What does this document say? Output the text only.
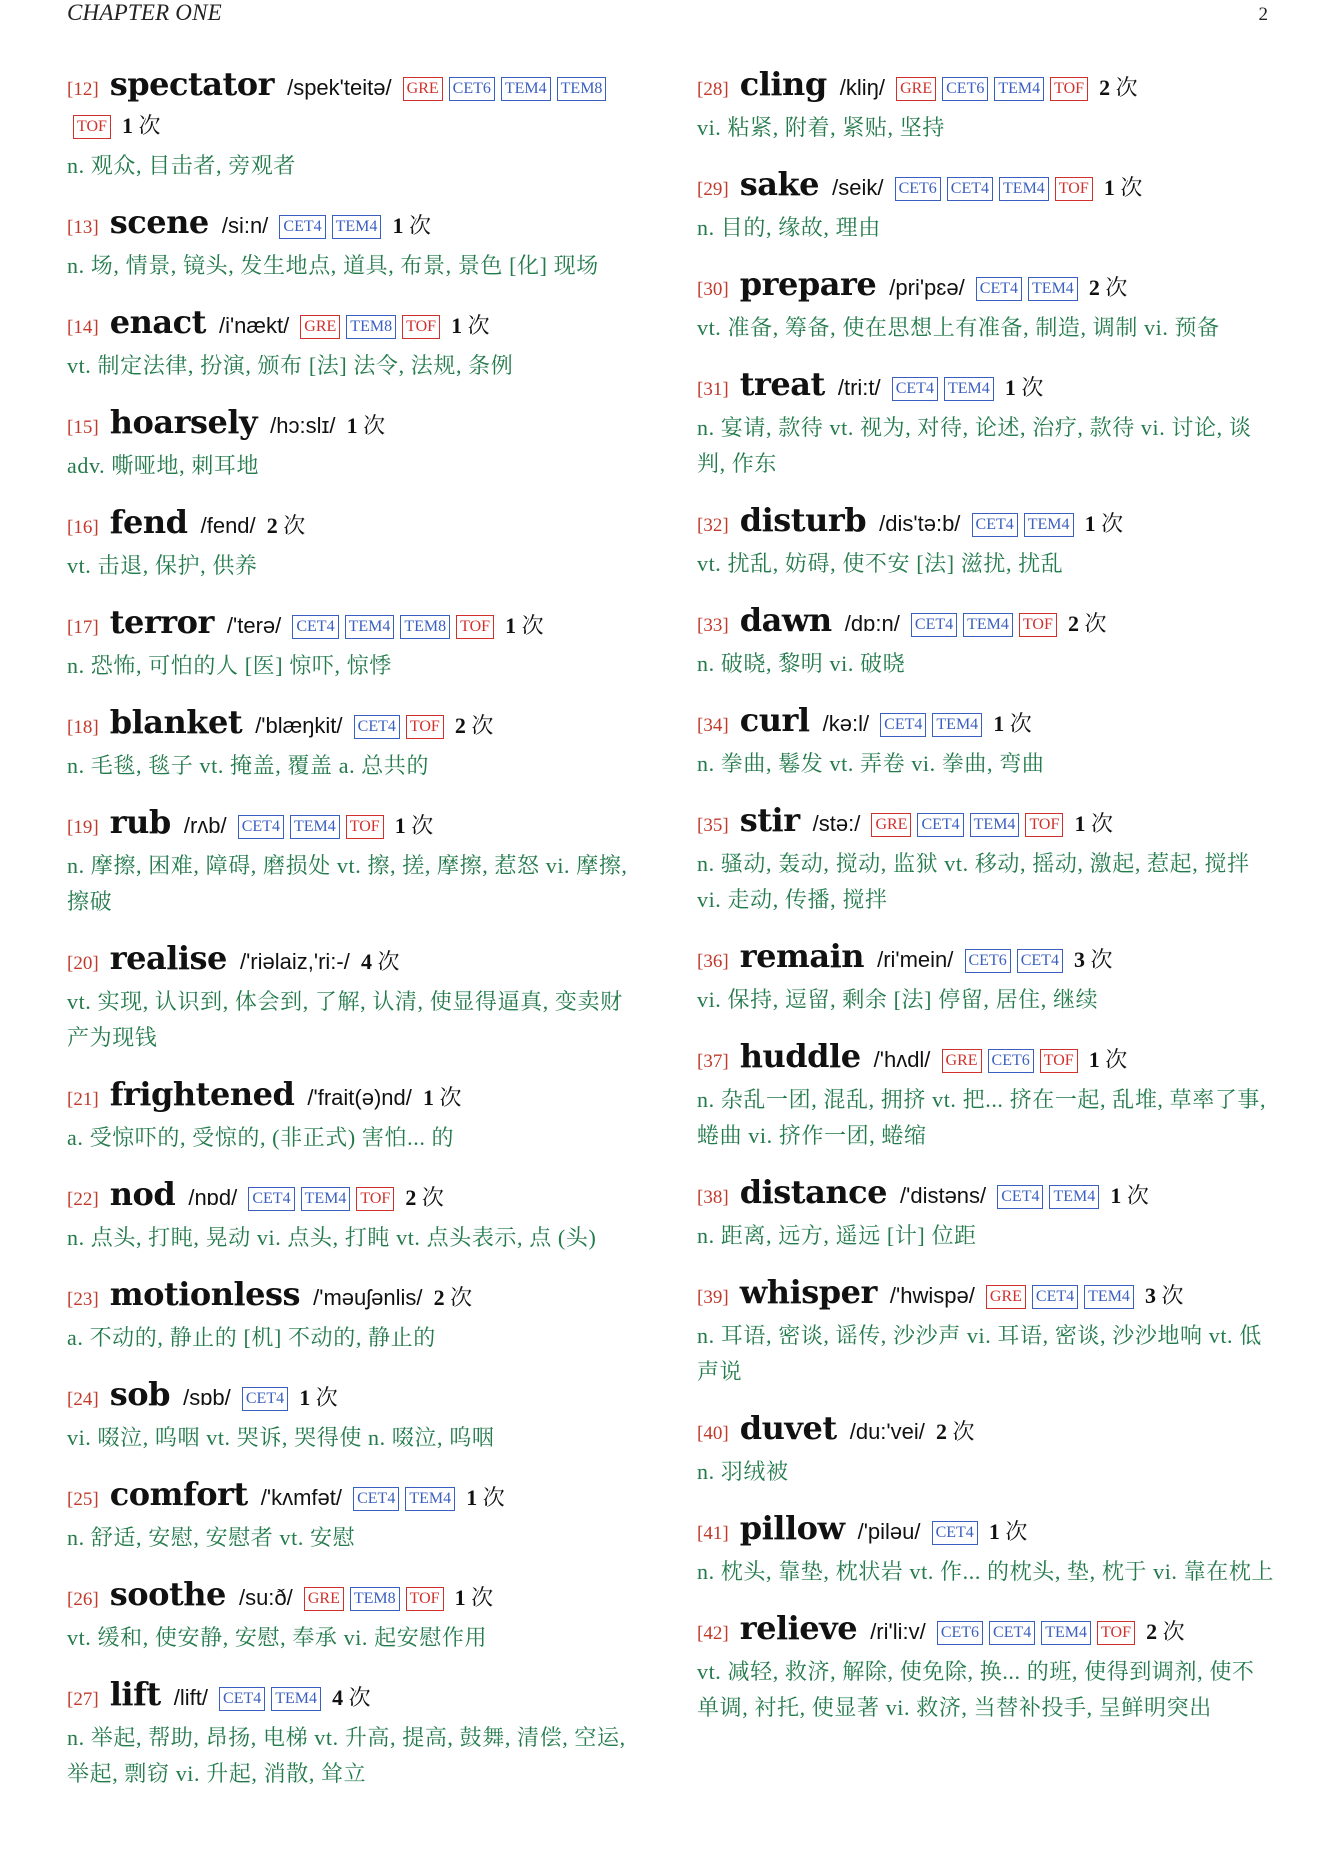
CHAPTER ONE	2
[12] spectator /spek'teitə/ GRE CET6 TEM4 TEM8TOF 1 次
n. 观众, 目击者, 旁观者
[13] scene /si:n/ CET4 TEM4 1 次
n. 场, 情景, 镜头, 发生地点, 道具, 布景, 景色 [化] 现场
[14] enact /i'nækt/ GRE TEM8 TOF 1 次
vt. 制定法律, 扮演, 颁布 [法] 法令, 法规, 条例
[15] hoarsely /hɔ:slɪ/ 1 次
adv. 嘶哑地, 刺耳地
[16] fend /fend/ 2 次
vt. 击退, 保护, 供养
[17] terror /'terə/ CET4 TEM4 TEM8 TOF 1 次
n. 恐怖, 可怕的人 [医] 惊吓, 惊悸
[18] blanket /'blæŋkit/ CET4 TOF 2 次
n. 毛毯, 毯子 vt. 掩盖, 覆盖 a. 总共的
[19] rub /rʌb/ CET4 TEM4 TOF 1 次
n. 摩擦, 困难, 障碍, 磨损处 vt. 擦, 搓, 摩擦, 惹怒 vi. 摩擦, 擦破
[20] realise /'riəlaiz,'ri:-/ 4 次
vt. 实现, 认识到, 体会到, 了解, 认清, 使显得逼真, 变卖财产为现钱
[21] frightened /'frait(ə)nd/ 1 次
a. 受惊吓的, 受惊的, (非正式) 害怕... 的
[22] nod /nɒd/ CET4 TEM4 TOF 2 次
n. 点头, 打盹, 晃动 vi. 点头, 打盹 vt. 点头表示, 点 (头)
[23] motionless /'məuʃənlis/ 2 次
a. 不动的, 静止的 [机] 不动的, 静止的
[24] sob /sɒb/ CET4 1 次
vi. 啜泣, 呜咽 vt. 哭诉, 哭得使 n. 啜泣, 呜咽
[25] comfort /'kʌmfət/ CET4 TEM4 1 次
n. 舒适, 安慰, 安慰者 vt. 安慰
[26] soothe /su:ð/ GRE TEM8 TOF 1 次
vt. 缓和, 使安静, 安慰, 奉承 vi. 起安慰作用
[27] lift /lift/ CET4 TEM4 4 次
n. 举起, 帮助, 昂扬, 电梯 vt. 升高, 提高, 鼓舞, 清偿, 空运, 举起, 剽窃 vi. 升起, 消散, 耸立
[28] cling /kliŋ/ GRE CET6 TEM4 TOF 2 次
vi. 粘紧, 附着, 紧贴, 坚持
[29] sake /seik/ CET6 CET4 TEM4 TOF 1 次
n. 目的, 缘故, 理由
[30] prepare /pri'pɛə/ CET4 TEM4 2 次
vt. 准备, 筹备, 使在思想上有准备, 制造, 调制 vi. 预备
[31] treat /tri:t/ CET4 TEM4 1 次
n. 宴请, 款待 vt. 视为, 对待, 论述, 治疗, 款待 vi. 讨论, 谈判, 作东
[32] disturb /dis'tə:b/ CET4 TEM4 1 次
vt. 扰乱, 妨碍, 使不安 [法] 滋扰, 扰乱
[33] dawn /dɒ:n/ CET4 TEM4 TOF 2 次
n. 破晓, 黎明 vi. 破晓
[34] curl /kə:l/ CET4 TEM4 1 次
n. 拳曲, 鬈发 vt. 弄卷 vi. 拳曲, 弯曲
[35] stir /stə:/ GRE CET4 TEM4 TOF 1 次
n. 骚动, 轰动, 搅动, 监狱 vt. 移动, 摇动, 激起, 惹起, 搅拌 vi. 走动, 传播, 搅拌
[36] remain /ri'mein/ CET6 CET4 3 次
vi. 保持, 逗留, 剩余 [法] 停留, 居住, 继续
[37] huddle /'hʌdl/ GRE CET6 TOF 1 次
n. 杂乱一团, 混乱, 拥挤 vt. 把... 挤在一起, 乱堆, 草率了事, 蜷曲 vi. 挤作一团, 蜷缩
[38] distance /'distəns/ CET4 TEM4 1 次
n. 距离, 远方, 遥远 [计] 位距
[39] whisper /'hwispə/ GRE CET4 TEM4 3 次
n. 耳语, 密谈, 谣传, 沙沙声 vi. 耳语, 密谈, 沙沙地响 vt. 低声说
[40] duvet /du:'vei/ 2 次
n. 羽绒被
[41] pillow /'piləu/ CET4 1 次
n. 枕头, 靠垫, 枕状岩 vt. 作... 的枕头, 垫, 枕于 vi. 靠在枕上
[42] relieve /ri'li:v/ CET6 CET4 TEM4 TOF 2 次
vt. 减轻, 救济, 解除, 使免除, 换... 的班, 使得到调剂, 使不单调, 衬托, 使显著 vi. 救济, 当替补投手, 呈鲜明突出
